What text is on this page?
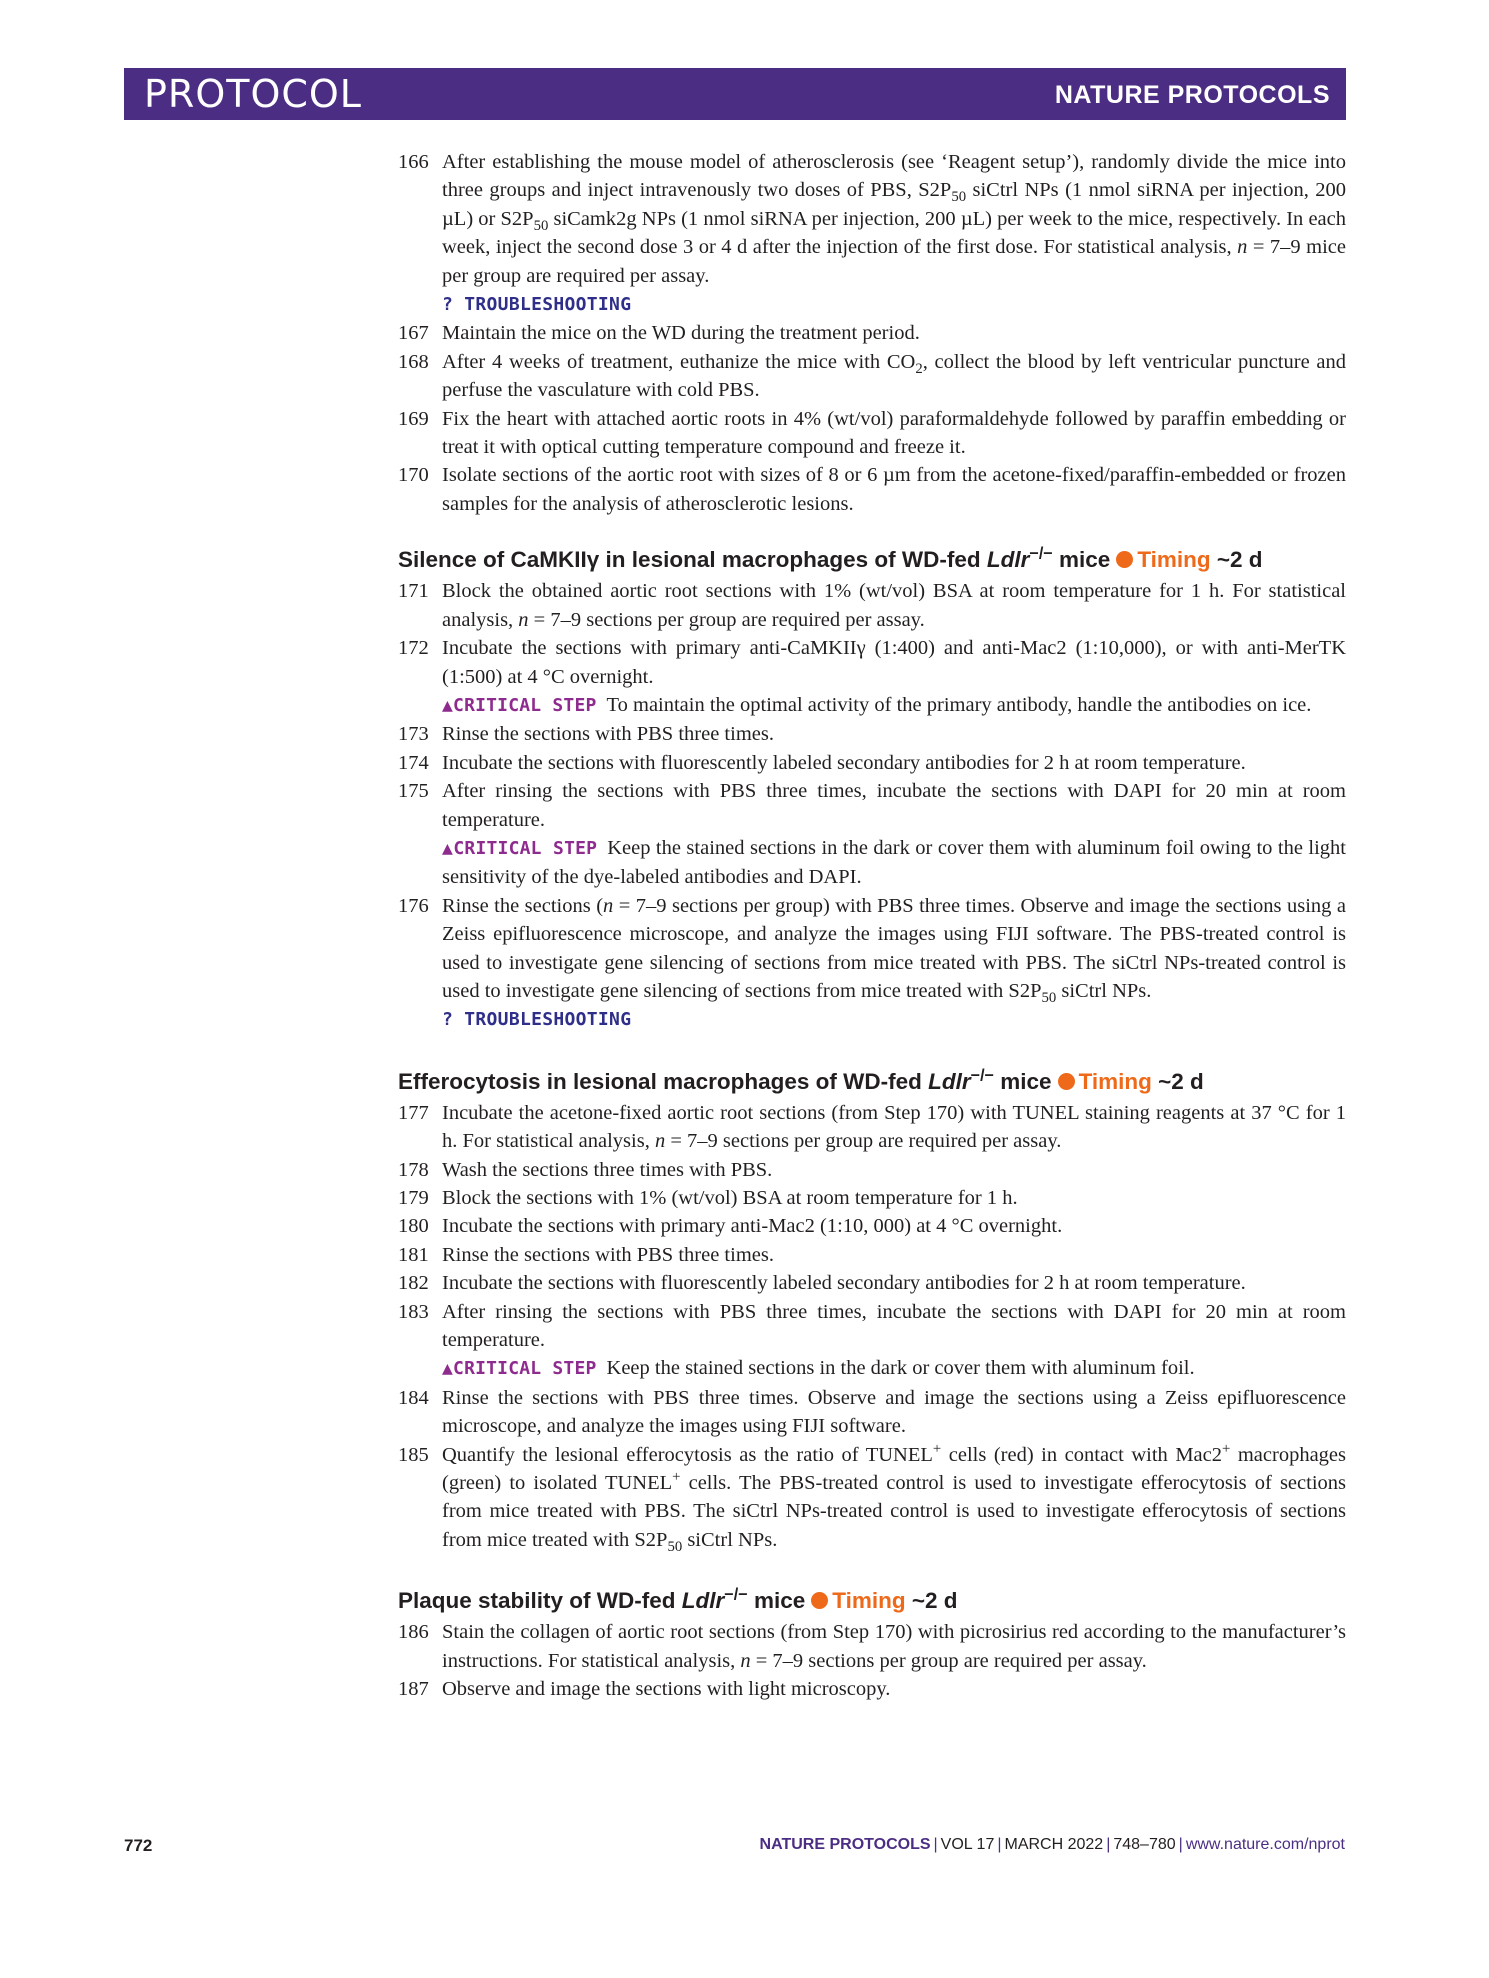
PROTOCOL	NATURE PROTOCOLS

166 After establishing the mouse model of atherosclerosis (see ‘Reagent setup’), randomly divide the mice into three groups and inject intravenously two doses of PBS, $S2P_{50}$ siCtrl NPs (1 nmol siRNA per injection, 200 µL) or $S2P_{50}$ siCamk2g NPs (1 nmol siRNA per injection, 200 µL) per week to the mice, respectively. In each week, inject the second dose 3 or 4 d after the injection of the first dose. For statistical analysis, n = 7–9 mice per group are required per assay.

? TROUBLESHOOTING

167 Maintain the mice on the WD during the treatment period.

168 After 4 weeks of treatment, euthanize the mice with $CO_2$, collect the blood by left ventricular puncture and perfuse the vasculature with cold PBS.

169 Fix the heart with attached aortic roots in 4% (wt/vol) paraformaldehyde followed by paraffin embedding or treat it with optical cutting temperature compound and freeze it.

170 Isolate sections of the aortic root with sizes of 8 or 6 µm from the acetone-fixed/paraffin-embedded or frozen samples for the analysis of atherosclerotic lesions.

Silence of CaMKIIγ in lesional macrophages of WD-fed Ldlr−/− mice Timing ~2 d

171 Block the obtained aortic root sections with 1% (wt/vol) BSA at room temperature for 1 h. For statistical analysis, n = 7–9 sections per group are required per assay.

172 Incubate the sections with primary anti-CaMKIIγ (1:400) and anti-Mac2 (1:10,000), or with anti-MerTK (1:500) at 4 °C overnight.

▲CRITICAL STEP To maintain the optimal activity of the primary antibody, handle the antibodies on ice.

173 Rinse the sections with PBS three times.

174 Incubate the sections with fluorescently labeled secondary antibodies for 2 h at room temperature.

175 After rinsing the sections with PBS three times, incubate the sections with DAPI for 20 min at room temperature.

▲CRITICAL STEP Keep the stained sections in the dark or cover them with aluminum foil owing to the light sensitivity of the dye-labeled antibodies and DAPI.

176 Rinse the sections (n = 7–9 sections per group) with PBS three times. Observe and image the sections using a Zeiss epifluorescence microscope, and analyze the images using FIJI software. The PBS-treated control is used to investigate gene silencing of sections from mice treated with PBS. The siCtrl NPs-treated control is used to investigate gene silencing of sections from mice treated with $S2P_{50}$ siCtrl NPs.

? TROUBLESHOOTING

Efferocytosis in lesional macrophages of WD-fed Ldlr−/− mice Timing ~2 d

177 Incubate the acetone-fixed aortic root sections (from Step 170) with TUNEL staining reagents at 37 °C for 1 h. For statistical analysis, n = 7–9 sections per group are required per assay.

178 Wash the sections three times with PBS.

179 Block the sections with 1% (wt/vol) BSA at room temperature for 1 h.

180 Incubate the sections with primary anti-Mac2 (1:10, 000) at 4 °C overnight.

181 Rinse the sections with PBS three times.

182 Incubate the sections with fluorescently labeled secondary antibodies for 2 h at room temperature.

183 After rinsing the sections with PBS three times, incubate the sections with DAPI for 20 min at room temperature.

▲CRITICAL STEP Keep the stained sections in the dark or cover them with aluminum foil.

184 Rinse the sections with PBS three times. Observe and image the sections using a Zeiss epifluorescence microscope, and analyze the images using FIJI software.

185 Quantify the lesional efferocytosis as the ratio of TUNEL+ cells (red) in contact with Mac2+ macrophages (green) to isolated TUNEL+ cells. The PBS-treated control is used to investigate efferocytosis of sections from mice treated with PBS. The siCtrl NPs-treated control is used to investigate efferocytosis of sections from mice treated with $S2P_{50}$ siCtrl NPs.

Plaque stability of WD-fed Ldlr−/− mice Timing ~2 d

186 Stain the collagen of aortic root sections (from Step 170) with picrosirius red according to the manufacturer’s instructions. For statistical analysis, n = 7–9 sections per group are required per assay.

187 Observe and image the sections with light microscopy.

772	NATURE PROTOCOLS | VOL 17 | MARCH 2022 | 748–780 | www.nature.com/nprot
